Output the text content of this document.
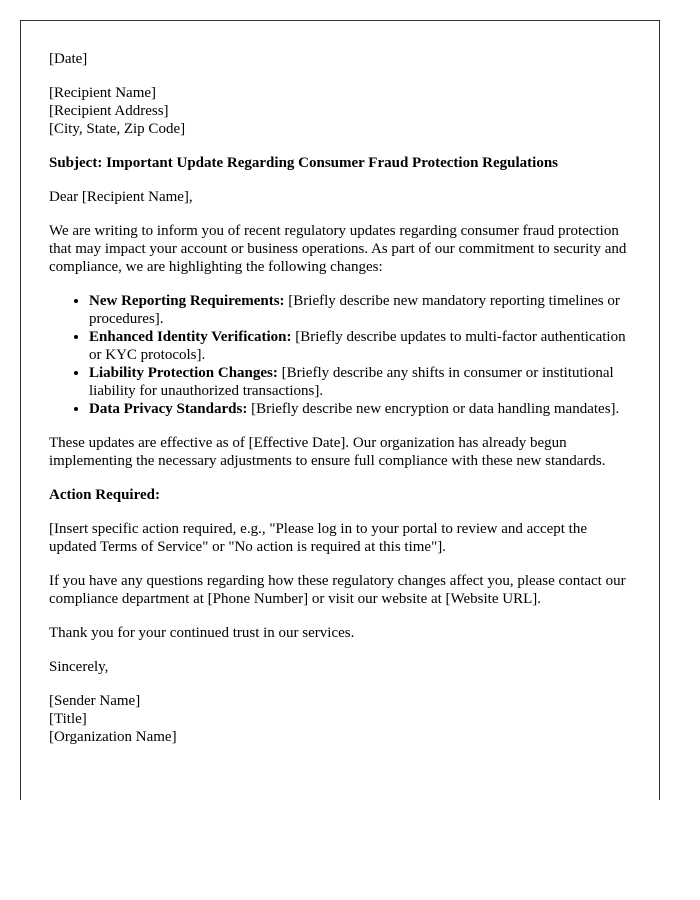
[Date]

[Recipient Name]
[Recipient Address]
[City, State, Zip Code]

Subject: Important Update Regarding Consumer Fraud Protection Regulations

Dear [Recipient Name],

We are writing to inform you of recent regulatory updates regarding consumer fraud protection that may impact your account or business operations. As part of our commitment to security and compliance, we are highlighting the following changes:

• New Reporting Requirements: [Briefly describe new mandatory reporting timelines or procedures].
• Enhanced Identity Verification: [Briefly describe updates to multi-factor authentication or KYC protocols].
• Liability Protection Changes: [Briefly describe any shifts in consumer or institutional liability for unauthorized transactions].
• Data Privacy Standards: [Briefly describe new encryption or data handling mandates].

These updates are effective as of [Effective Date]. Our organization has already begun implementing the necessary adjustments to ensure full compliance with these new standards.

Action Required:

[Insert specific action required, e.g., "Please log in to your portal to review and accept the updated Terms of Service" or "No action is required at this time"].

If you have any questions regarding how these regulatory changes affect you, please contact our compliance department at [Phone Number] or visit our website at [Website URL].

Thank you for your continued trust in our services.

Sincerely,

[Sender Name]
[Title]
[Organization Name]
